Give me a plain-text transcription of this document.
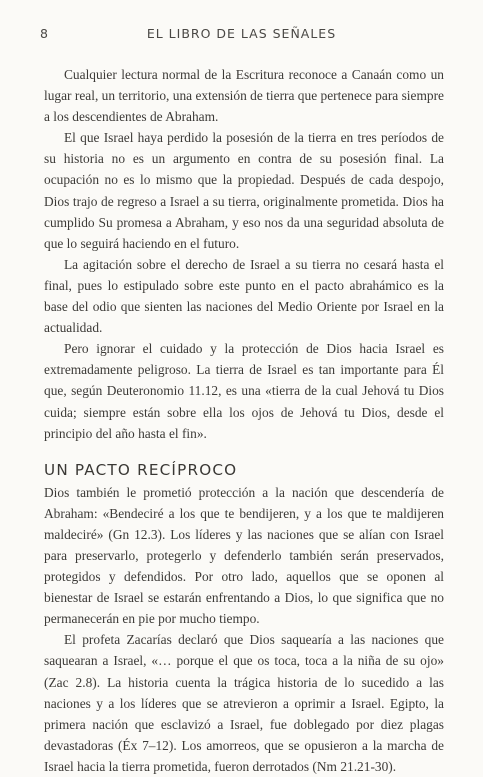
8	EL LIBRO DE LAS SEÑALES

Cualquier lectura normal de la Escritura reconoce a Canaán como un lugar real, un territorio, una extensión de tierra que pertenece para siempre a los descendientes de Abraham.

El que Israel haya perdido la posesión de la tierra en tres períodos de su historia no es un argumento en contra de su posesión final. La ocupación no es lo mismo que la propiedad. Después de cada despojo, Dios trajo de regreso a Israel a su tierra, originalmente prometida. Dios ha cumplido Su promesa a Abraham, y eso nos da una seguridad absoluta de que lo seguirá haciendo en el futuro.

La agitación sobre el derecho de Israel a su tierra no cesará hasta el final, pues lo estipulado sobre este punto en el pacto abrahámico es la base del odio que sienten las naciones del Medio Oriente por Israel en la actualidad.

Pero ignorar el cuidado y la protección de Dios hacia Israel es extremadamente peligroso. La tierra de Israel es tan importante para Él que, según Deuteronomio 11.12, es una «tierra de la cual Jehová tu Dios cuida; siempre están sobre ella los ojos de Jehová tu Dios, desde el principio del año hasta el fin».

UN PACTO RECÍPROCO

Dios también le prometió protección a la nación que descendería de Abraham: «Bendeciré a los que te bendijeren, y a los que te maldijeren maldeciré» (Gn 12.3). Los líderes y las naciones que se alían con Israel para preservarlo, protegerlo y defenderlo también serán preservados, protegidos y defendidos. Por otro lado, aquellos que se oponen al bienestar de Israel se estarán enfrentando a Dios, lo que significa que no permanecerán en pie por mucho tiempo.

El profeta Zacarías declaró que Dios saquearía a las naciones que saquearan a Israel, «… porque el que os toca, toca a la niña de su ojo» (Zac 2.8). La historia cuenta la trágica historia de lo sucedido a las naciones y a los líderes que se atrevieron a oprimir a Israel. Egipto, la primera nación que esclavizó a Israel, fue doblegado por diez plagas devastadoras (Éx 7–12). Los amorreos, que se opusieron a la marcha de Israel hacia la tierra prometida, fueron derrotados (Nm 21.21-30).
